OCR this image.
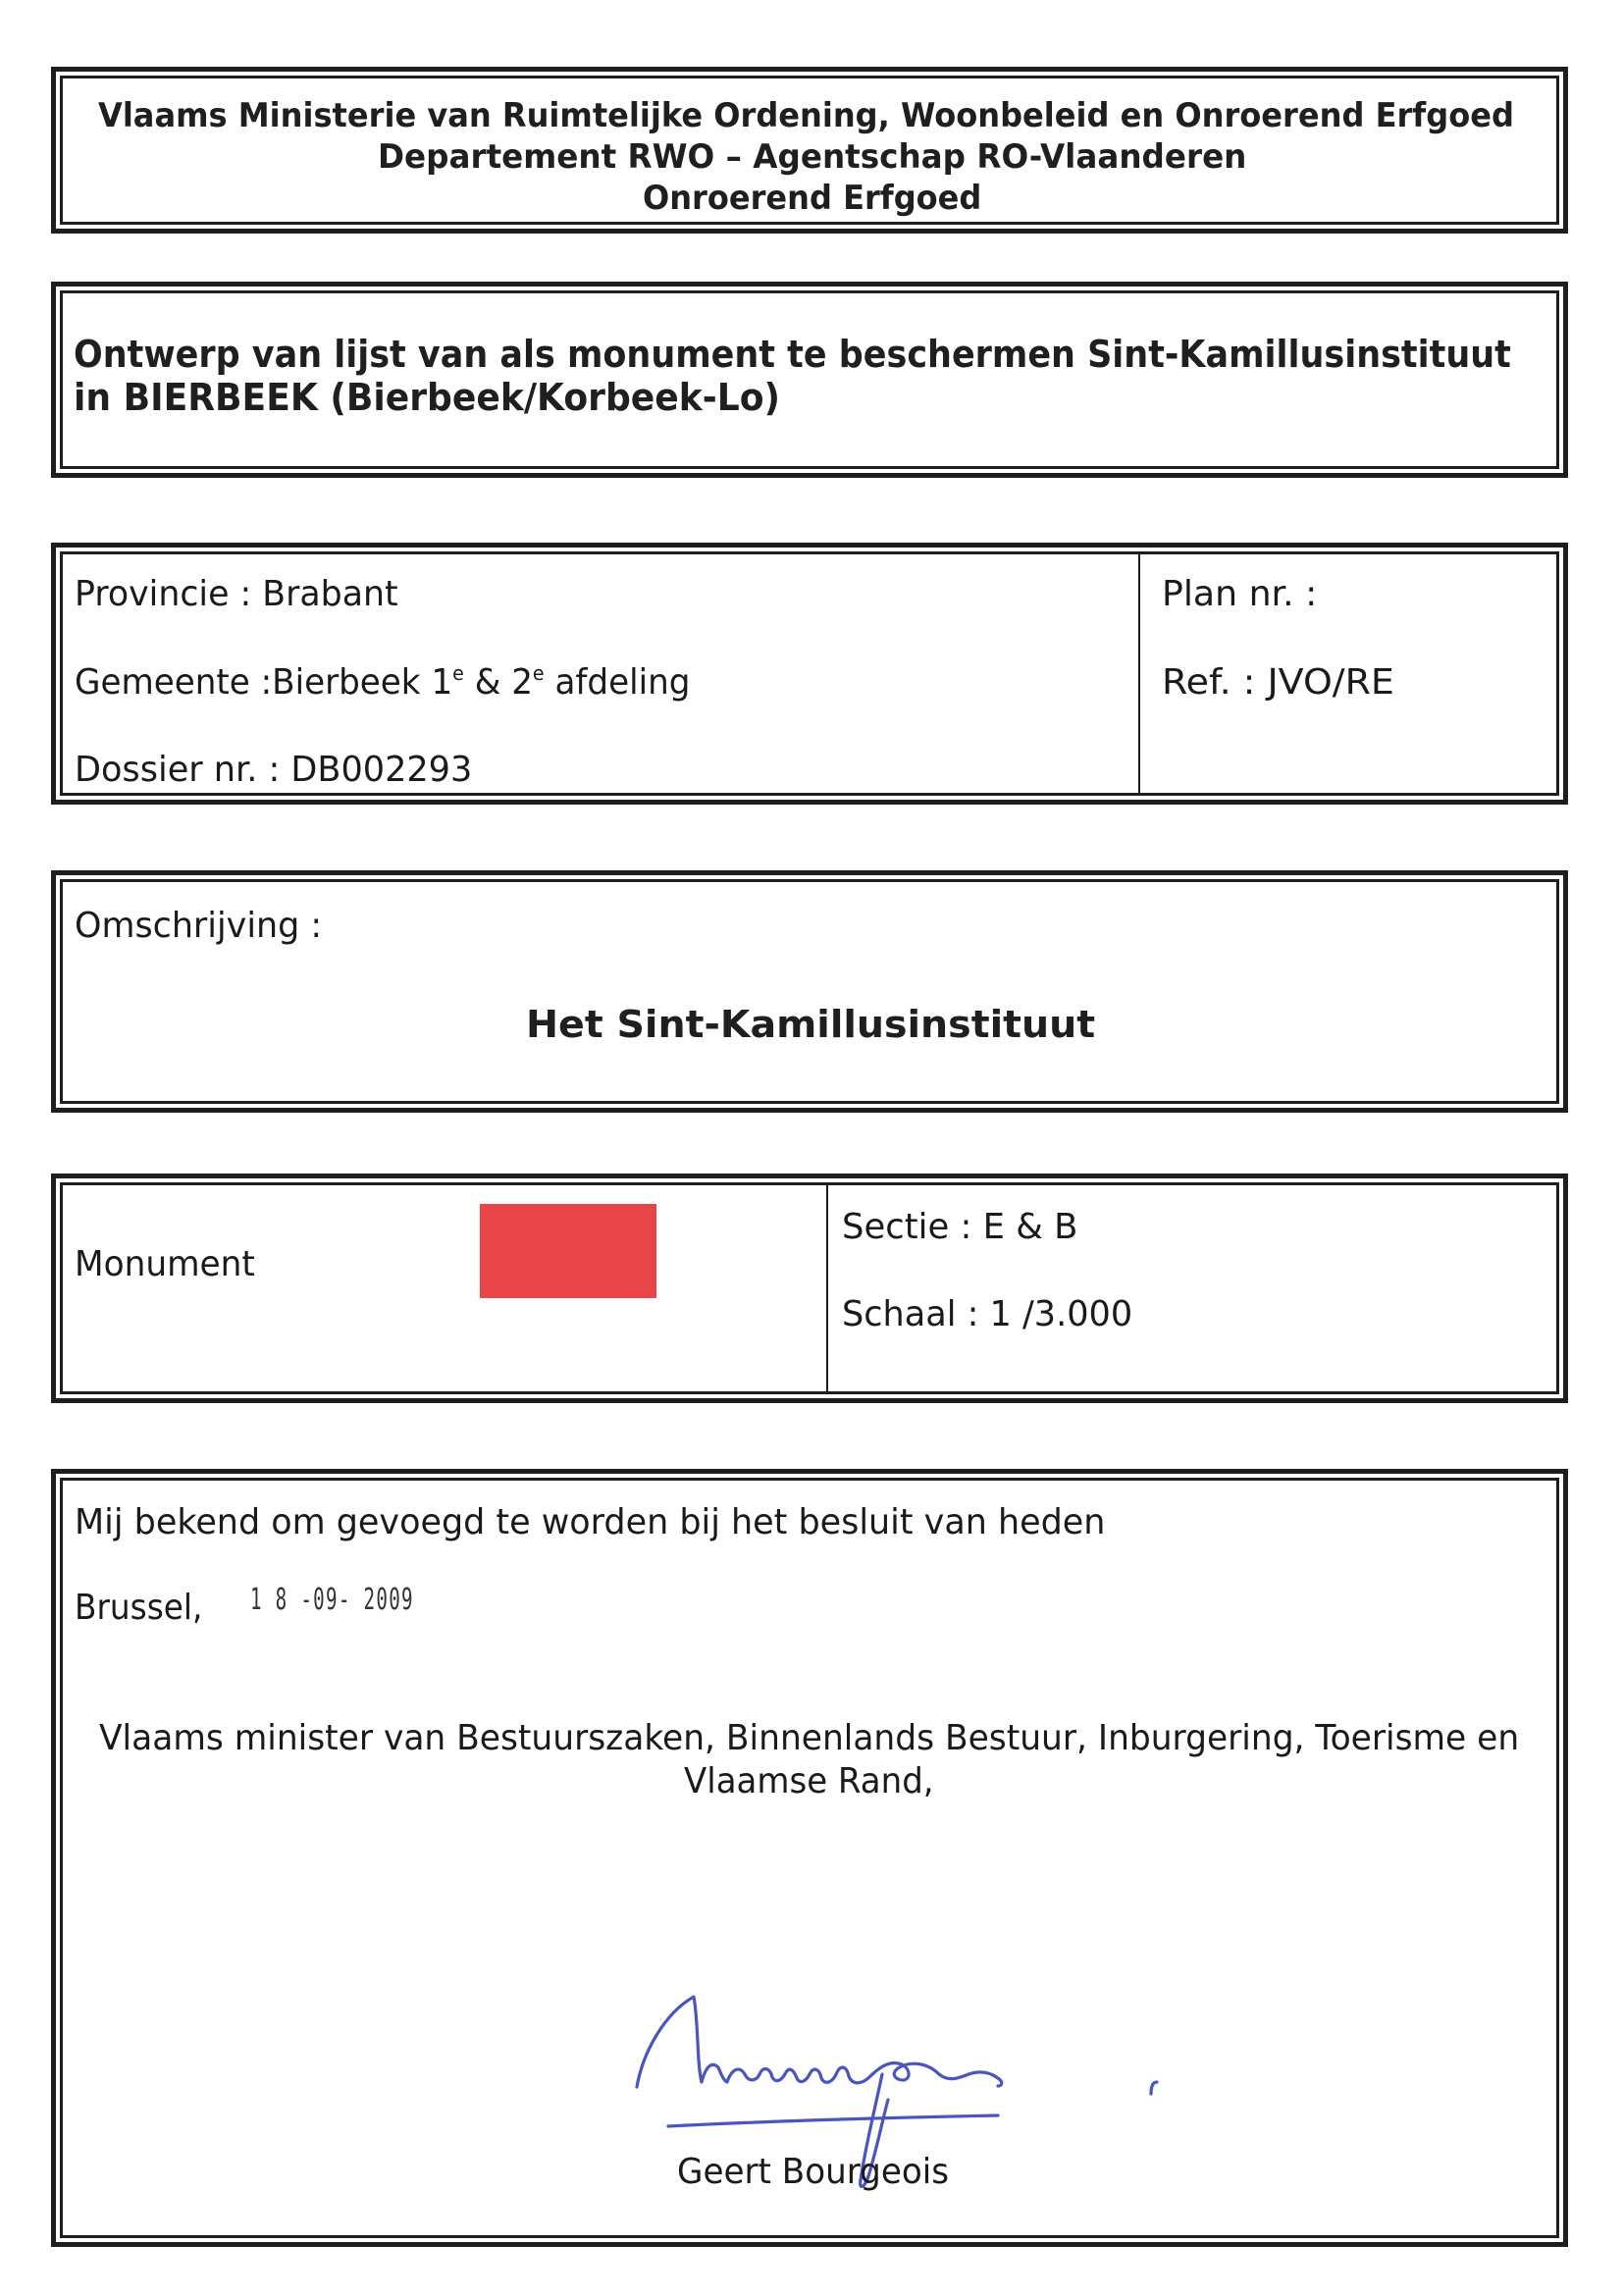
Vlaams Ministerie van Ruimtelijke Ordening, Woonbeleid en Onroerend Erfgoed
Departement RWO – Agentschap RO-Vlaanderen
Onroerend Erfgoed
Ontwerp van lijst van als monument te beschermen Sint-Kamillusinstituut
in BIERBEEK (Bierbeek/Korbeek-Lo)
Provincie : Brabant
Gemeente :Bierbeek 1e & 2e afdeling
Dossier nr. : DB002293
Plan nr. :
Ref. : JVO/RE
Omschrijving :
Het Sint-Kamillusinstituut
Monument
Sectie : E & B
Schaal : 1 /3.000
Mij bekend om gevoegd te worden bij het besluit van heden
Brussel, 1 8 -09- 2009
Vlaams minister van Bestuurszaken, Binnenlands Bestuur, Inburgering, Toerisme en
Vlaamse Rand,
Geert Bourgeois
